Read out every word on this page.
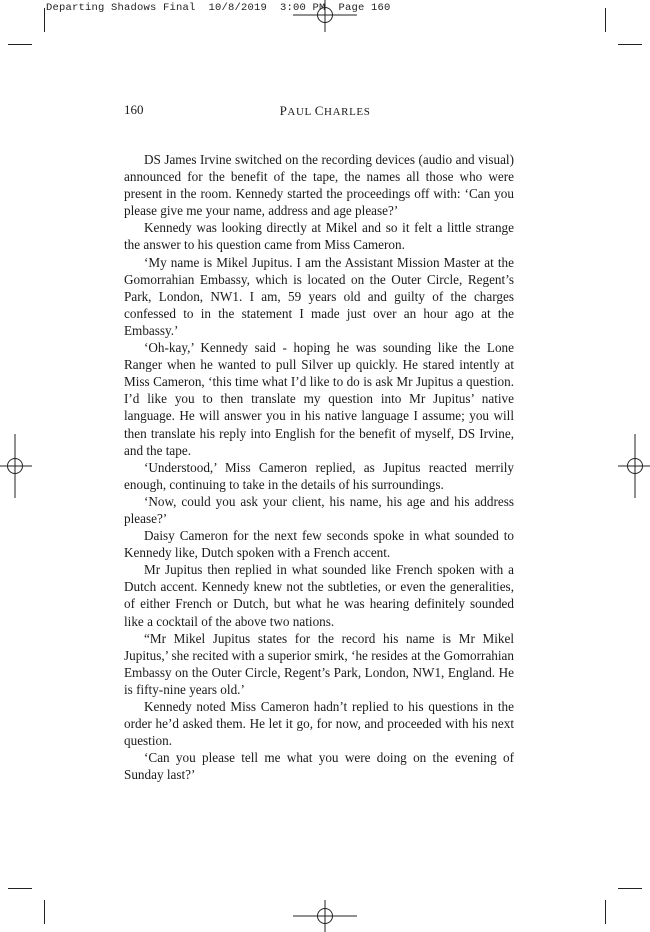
Departing Shadows Final  10/8/2019  3:00 PM  Page 160
160	PAUL CHARLES

DS James Irvine switched on the recording devices (audio and visual) announced for the benefit of the tape, the names all those who were present in the room. Kennedy started the proceedings off with: ‘Can you please give me your name, address and age please?’

Kennedy was looking directly at Mikel and so it felt a little strange the answer to his question came from Miss Cameron.

‘My name is Mikel Jupitus. I am the Assistant Mission Master at the Gomorrahian Embassy, which is located on the Outer Circle, Regent’s Park, London, NW1. I am, 59 years old and guilty of the charges confessed to in the statement I made just over an hour ago at the Embassy.’

‘Oh-kay,’ Kennedy said - hoping he was sounding like the Lone Ranger when he wanted to pull Silver up quickly. He stared intently at Miss Cameron, ‘this time what I’d like to do is ask Mr Jupitus a question. I’d like you to then translate my question into Mr Jupitus’ native language. He will answer you in his native language I assume; you will then translate his reply into English for the benefit of myself, DS Irvine, and the tape.

‘Understood,’ Miss Cameron replied, as Jupitus reacted merrily enough, continuing to take in the details of his surroundings.

‘Now, could you ask your client, his name, his age and his address please?’

Daisy Cameron for the next few seconds spoke in what sounded to Kennedy like, Dutch spoken with a French accent.

Mr Jupitus then replied in what sounded like French spoken with a Dutch accent. Kennedy knew not the subtleties, or even the generalities, of either French or Dutch, but what he was hearing definitely sounded like a cocktail of the above two nations.

“Mr Mikel Jupitus states for the record his name is Mr Mikel Jupitus,’ she recited with a superior smirk, ‘he resides at the Gomorrahian Embassy on the Outer Circle, Regent’s Park, London, NW1, England. He is fifty-nine years old.’

Kennedy noted Miss Cameron hadn’t replied to his questions in the order he’d asked them. He let it go, for now, and proceeded with his next question.

‘Can you please tell me what you were doing on the evening of Sunday last?’
